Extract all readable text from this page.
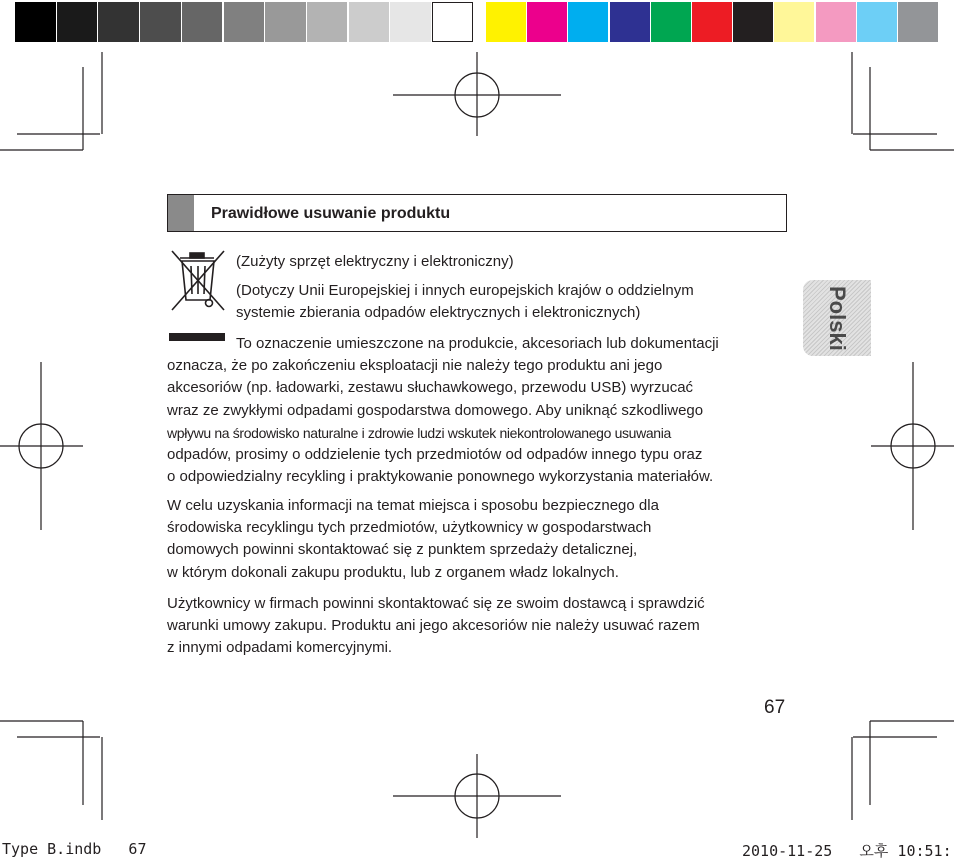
Prawidłowe usuwanie produktu
(Zużyty sprzęt elektryczny i elektroniczny)
(Dotyczy Unii Europejskiej i innych europejskich krajów o oddzielnym
systemie zbierania odpadów elektrycznych i elektronicznych)
To oznaczenie umieszczone na produkcie, akcesoriach lub dokumentacji
oznacza, że po zakończeniu eksploatacji nie należy tego produktu ani jego
akcesoriów (np. ładowarki, zestawu słuchawkowego, przewodu USB) wyrzucać
wraz ze zwykłymi odpadami gospodarstwa domowego. Aby uniknąć szkodliwego
wpływu na środowisko naturalne i zdrowie ludzi wskutek niekontrolowanego usuwania
odpadów, prosimy o oddzielenie tych przedmiotów od odpadów innego typu oraz
o odpowiedzialny recykling i praktykowanie ponownego wykorzystania materiałów.
W celu uzyskania informacji na temat miejsca i sposobu bezpiecznego dla
środowiska recyklingu tych przedmiotów, użytkownicy w gospodarstwach
domowych powinni skontaktować się z punktem sprzedaży detalicznej,
w którym dokonali zakupu produktu, lub z organem władz lokalnych.
Użytkownicy w firmach powinni skontaktować się ze swoim dostawcą i sprawdzić
warunki umowy zakupu. Produktu ani jego akcesoriów nie należy usuwać razem
z innymi odpadami komercyjnymi.
Polski
67
Type B.indb   67	2010-11-25   오후 10:51:
